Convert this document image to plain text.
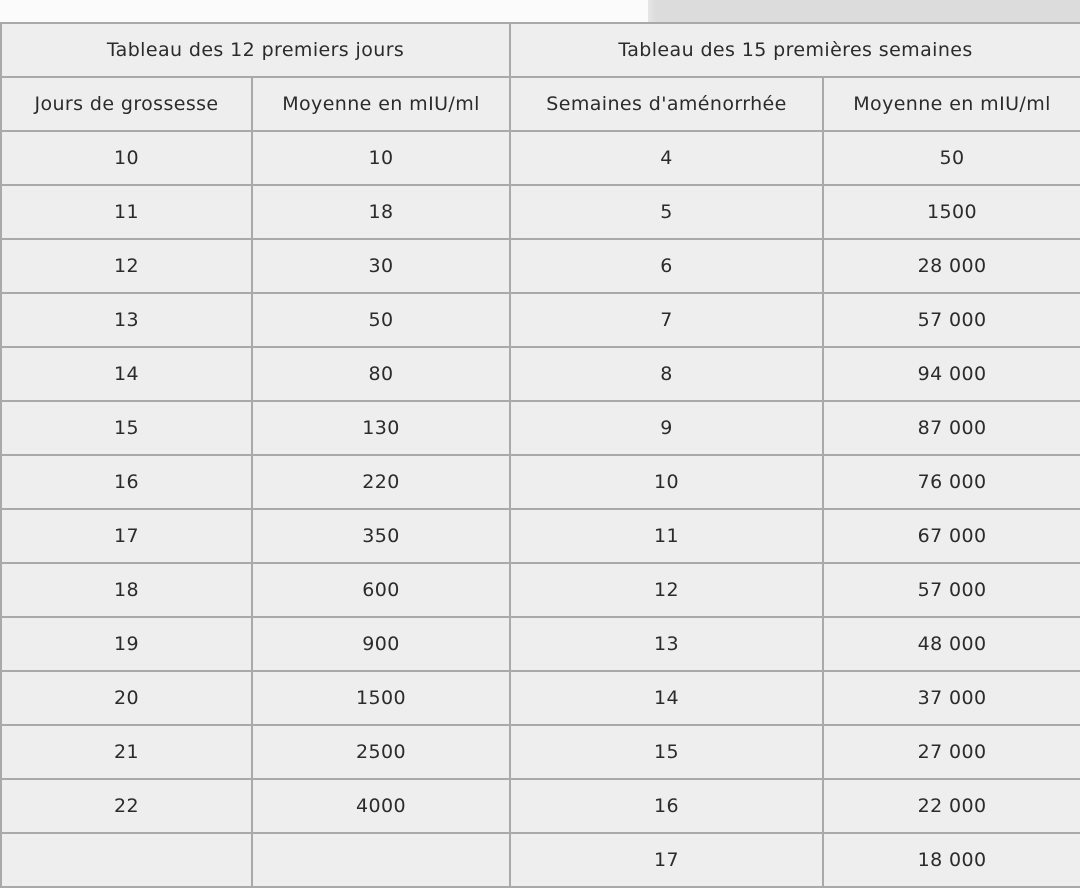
Tableau des 12 premiers jours		Tableau des 15 premières semaines	
Jours de grossesse	Moyenne en mIU/ml	Semaines d'aménorrhée	Moyenne en mIU/ml
10	10	4	50
11	18	5	1500
12	30	6	28 000
13	50	7	57 000
14	80	8	94 000
15	130	9	87 000
16	220	10	76 000
17	350	11	67 000
18	600	12	57 000
19	900	13	48 000
20	1500	14	37 000
21	2500	15	27 000
22	4000	16	22 000
		17	18 000
